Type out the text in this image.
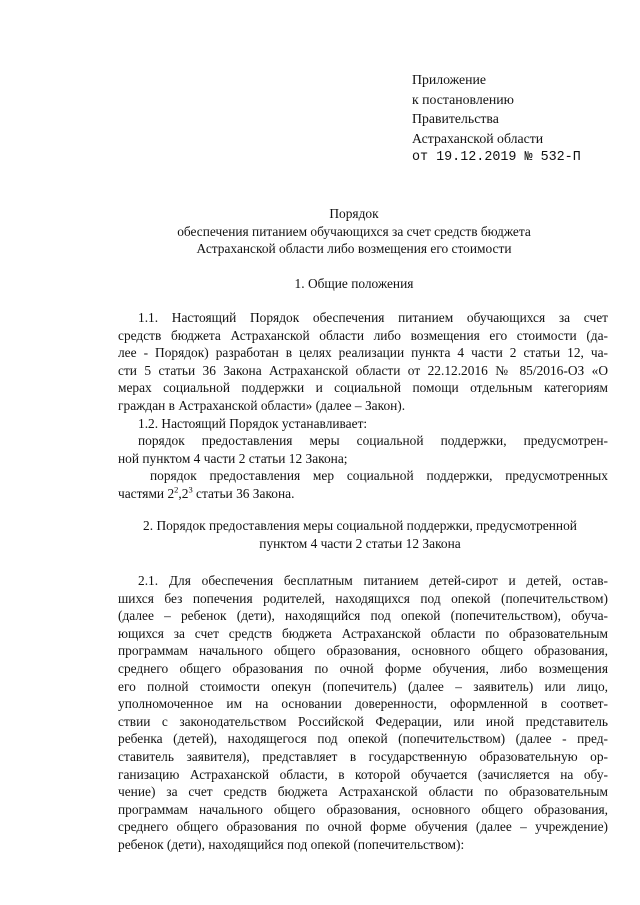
Приложение
к постановлению
Правительства
Астраханской области
от 19.12.2019 № 532-П
Порядок
обеспечения питанием обучающихся за счет средств бюджета
Астраханской области либо возмещения его стоимости
1. Общие положения

1.1. Настоящий Порядок обеспечения питанием обучающихся за счет

средств бюджета Астраханской области либо возмещения его стоимости (да-

лее - Порядок) разработан в целях реализации пункта 4 части 2 статьи 12, ча-

сти 5 статьи 36 Закона Астраханской области от 22.12.2016 № 85/2016-ОЗ «О

мерах социальной поддержки и социальной помощи отдельным категориям

граждан в Астраханской области» (далее – Закон).

1.2. Настоящий Порядок устанавливает:

порядок предоставления меры социальной поддержки, предусмотрен-

ной пунктом 4 части 2 статьи 12 Закона;

порядок предоставления мер социальной поддержки, предусмотренных

частями $2^2,2^3$ статьи 36 Закона.

2. Порядок предоставления меры социальной поддержки, предусмотренной
пунктом 4 части 2 статьи 12 Закона

2.1. Для обеспечения бесплатным питанием детей-сирот и детей, остав-

шихся без попечения родителей, находящихся под опекой (попечительством)

(далее – ребенок (дети), находящийся под опекой (попечительством), обуча-

ющихся за счет средств бюджета Астраханской области по образовательным

программам начального общего образования, основного общего образования,

среднего общего образования по очной форме обучения, либо возмещения

его полной стоимости опекун (попечитель) (далее – заявитель) или лицо,

уполномоченное им на основании доверенности, оформленной в соответ-

ствии с законодательством Российской Федерации, или иной представитель

ребенка (детей), находящегося под опекой (попечительством) (далее - пред-

ставитель заявителя), представляет в государственную образовательную ор-

ганизацию Астраханской области, в которой обучается (зачисляется на обу-

чение) за счет средств бюджета Астраханской области по образовательным

программам начального общего образования, основного общего образования,

среднего общего образования по очной форме обучения (далее – учреждение)

ребенок (дети), находящийся под опекой (попечительством):
